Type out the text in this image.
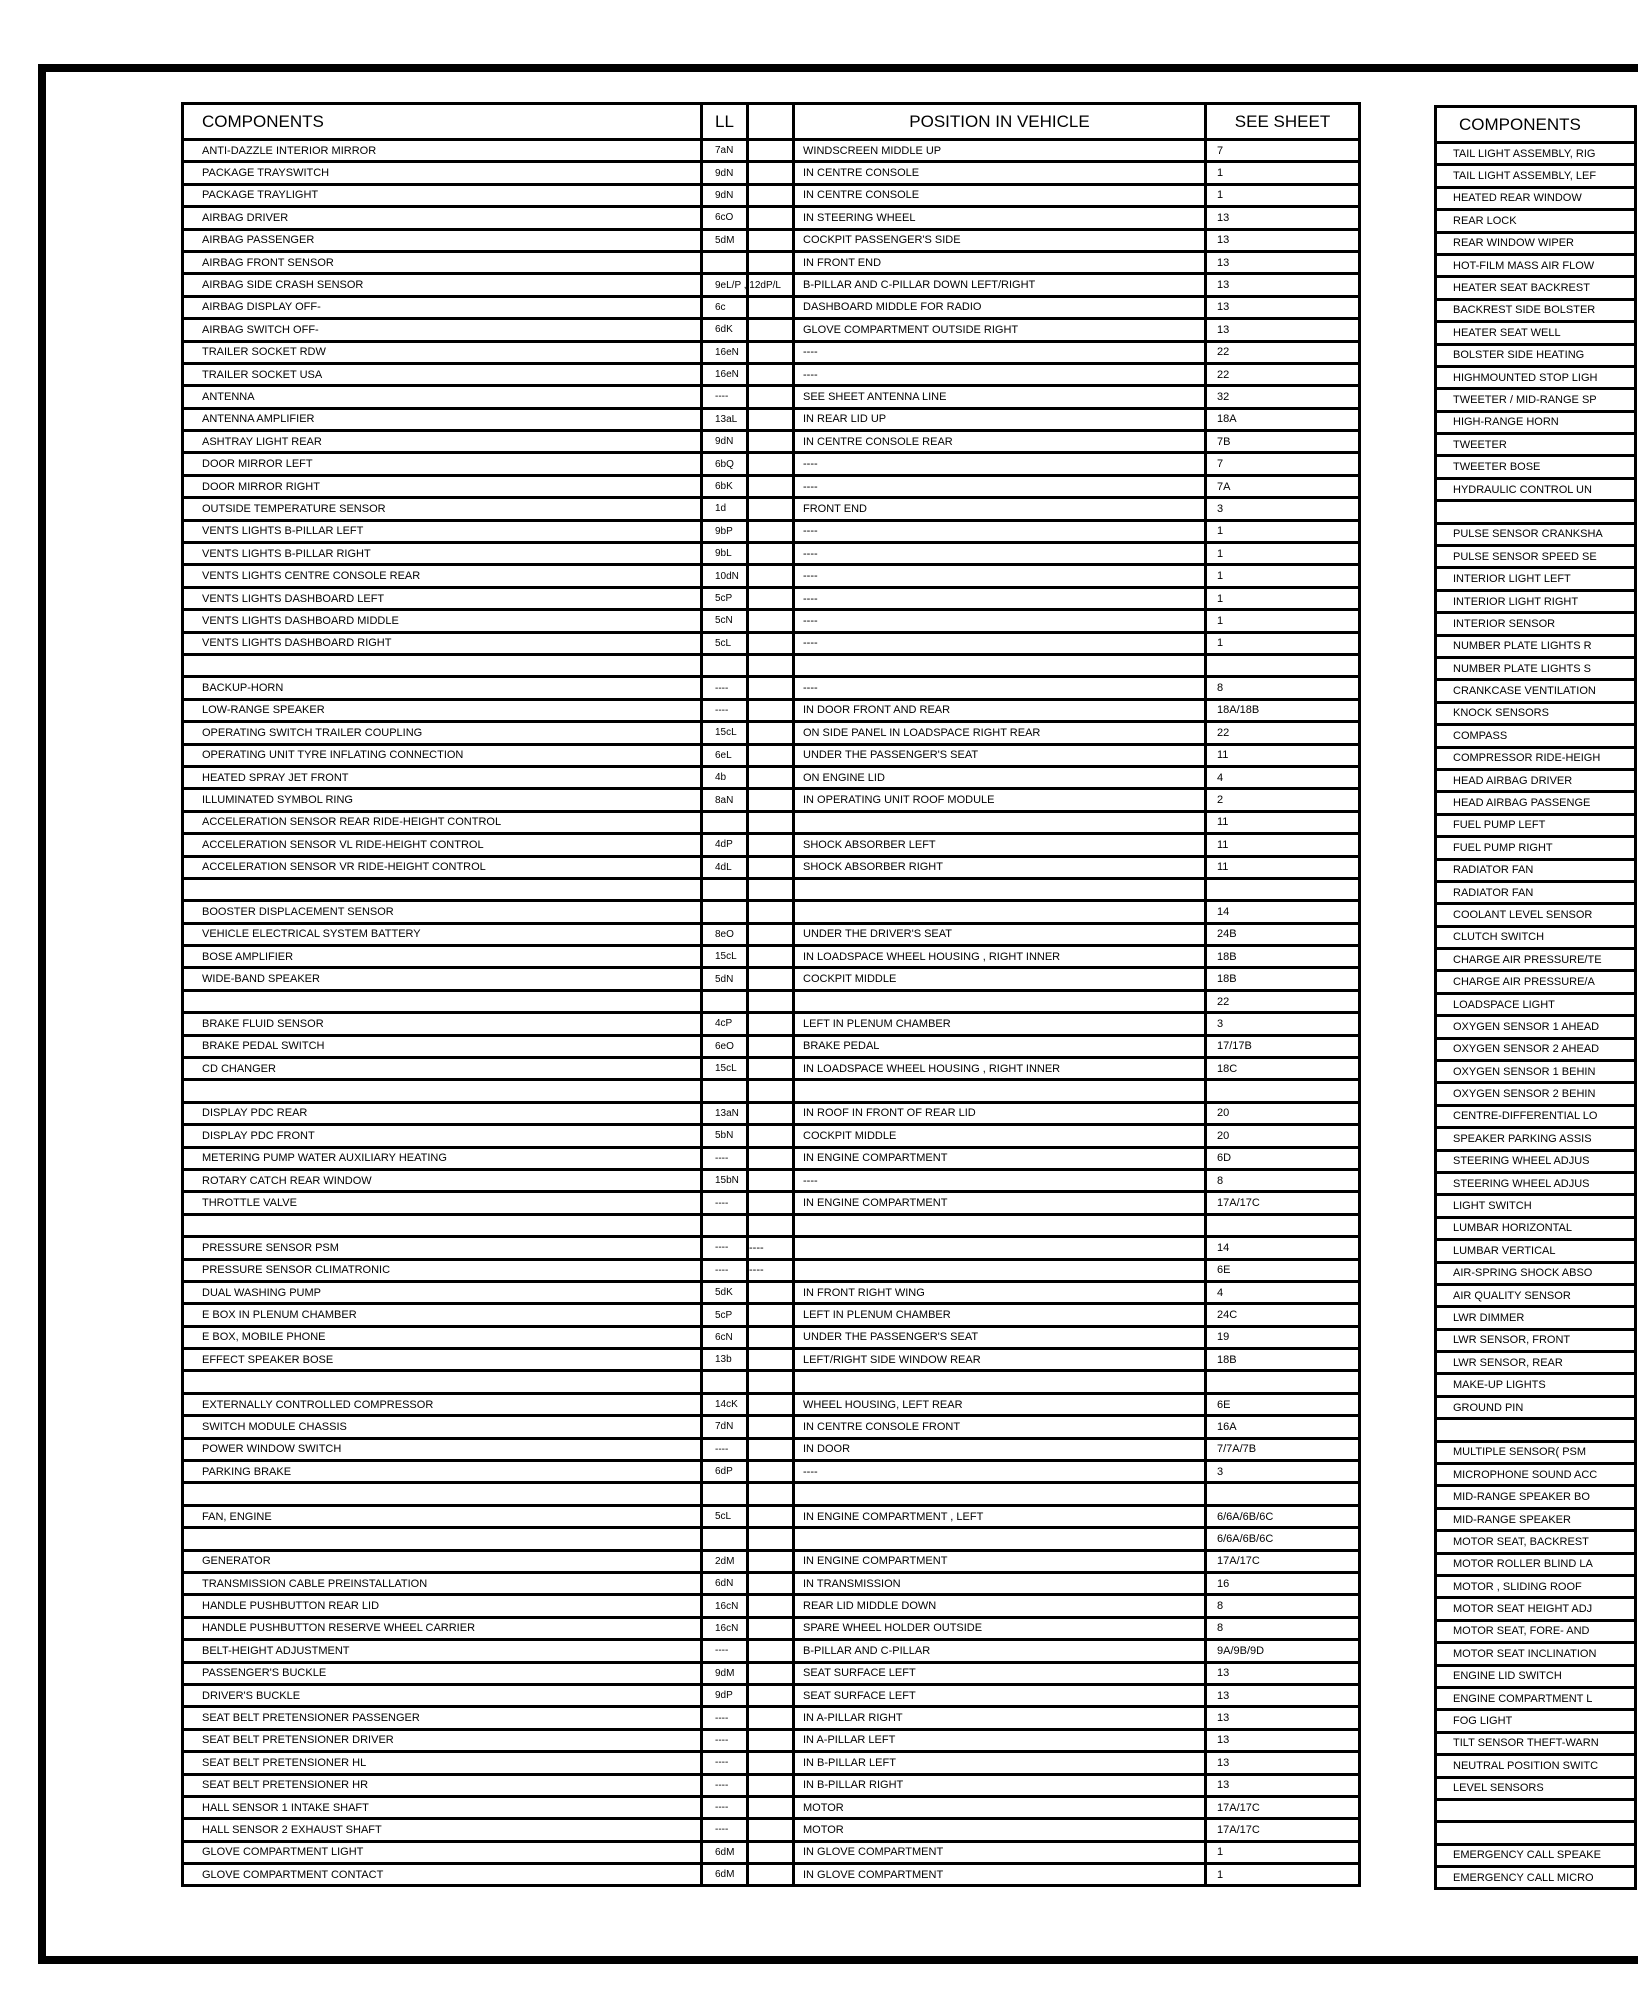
COMPONENTS	LL		POSITION IN VEHICLE	SEE SHEET
ANTI-DAZZLE INTERIOR MIRROR	7aN		WINDSCREEN MIDDLE UP	7
PACKAGE TRAYSWITCH	9dN		IN CENTRE CONSOLE	1
PACKAGE TRAYLIGHT	9dN		IN CENTRE CONSOLE	1
AIRBAG DRIVER	6cO		IN STEERING WHEEL	13
AIRBAG PASSENGER	5dM		COCKPIT PASSENGER'S SIDE	13
AIRBAG FRONT SENSOR			IN FRONT END	13
AIRBAG SIDE CRASH SENSOR	9eL/P , 12dP/L		B-PILLAR AND C-PILLAR DOWN LEFT/RIGHT	13
AIRBAG DISPLAY OFF-	6c		DASHBOARD MIDDLE FOR RADIO	13
AIRBAG SWITCH OFF-	6dK		GLOVE COMPARTMENT OUTSIDE RIGHT	13
TRAILER SOCKET RDW	16eN		----	22
TRAILER SOCKET USA	16eN		----	22
ANTENNA	----		SEE SHEET ANTENNA LINE	32
ANTENNA AMPLIFIER	13aL		IN REAR LID UP	18A
ASHTRAY LIGHT REAR	9dN		IN CENTRE CONSOLE REAR	7B
DOOR MIRROR LEFT	6bQ		----	7
DOOR MIRROR RIGHT	6bK		----	7A
OUTSIDE TEMPERATURE SENSOR	1d		FRONT END	3
VENTS LIGHTS B-PILLAR LEFT	9bP		----	1
VENTS LIGHTS B-PILLAR RIGHT	9bL		----	1
VENTS LIGHTS CENTRE CONSOLE REAR	10dN		----	1
VENTS LIGHTS DASHBOARD LEFT	5cP		----	1
VENTS LIGHTS DASHBOARD MIDDLE	5cN		----	1
VENTS LIGHTS DASHBOARD RIGHT	5cL		----	1

BACKUP-HORN	----		----	8
LOW-RANGE SPEAKER	----		IN DOOR FRONT AND REAR	18A/18B
OPERATING SWITCH TRAILER COUPLING	15cL		ON SIDE PANEL IN LOADSPACE RIGHT REAR	22
OPERATING UNIT TYRE INFLATING CONNECTION	6eL		UNDER THE PASSENGER'S SEAT	11
HEATED SPRAY JET FRONT	4b		ON ENGINE LID	4
ILLUMINATED SYMBOL RING	8aN		IN OPERATING UNIT ROOF MODULE	2
ACCELERATION SENSOR REAR RIDE-HEIGHT CONTROL				11
ACCELERATION SENSOR VL RIDE-HEIGHT CONTROL	4dP		SHOCK ABSORBER LEFT	11
ACCELERATION SENSOR VR RIDE-HEIGHT CONTROL	4dL		SHOCK ABSORBER RIGHT	11

BOOSTER DISPLACEMENT SENSOR				14
VEHICLE ELECTRICAL SYSTEM BATTERY	8eO		UNDER THE DRIVER'S SEAT	24B
BOSE AMPLIFIER	15cL		IN LOADSPACE WHEEL HOUSING , RIGHT INNER	18B
WIDE-BAND SPEAKER	5dN		COCKPIT MIDDLE	18B
				22
BRAKE FLUID SENSOR	4cP		LEFT IN PLENUM CHAMBER	3
BRAKE PEDAL SWITCH	6eO		BRAKE PEDAL	17/17B
CD CHANGER	15cL		IN LOADSPACE WHEEL HOUSING , RIGHT INNER	18C

DISPLAY PDC REAR	13aN		IN ROOF IN FRONT OF REAR LID	20
DISPLAY PDC FRONT	5bN		COCKPIT MIDDLE	20
METERING PUMP WATER AUXILIARY HEATING	----		IN ENGINE COMPARTMENT	6D
ROTARY CATCH REAR WINDOW	15bN		----	8
THROTTLE VALVE	----		IN ENGINE COMPARTMENT	17A/17C

PRESSURE SENSOR PSM	----	----		14
PRESSURE SENSOR CLIMATRONIC	----	----		6E
DUAL WASHING PUMP	5dK		IN FRONT RIGHT WING	4
E BOX IN PLENUM CHAMBER	5cP		LEFT IN PLENUM CHAMBER	24C
E BOX, MOBILE PHONE	6cN		UNDER THE PASSENGER'S SEAT	19
EFFECT SPEAKER BOSE	13b		LEFT/RIGHT SIDE WINDOW REAR	18B

EXTERNALLY CONTROLLED COMPRESSOR	14cK		WHEEL HOUSING, LEFT REAR	6E
SWITCH MODULE CHASSIS	7dN		IN CENTRE CONSOLE FRONT	16A
POWER WINDOW SWITCH	----		IN DOOR	7/7A/7B
PARKING BRAKE	6dP		----	3

FAN, ENGINE	5cL		IN ENGINE COMPARTMENT , LEFT	6/6A/6B/6C
				6/6A/6B/6C
GENERATOR	2dM		IN ENGINE COMPARTMENT	17A/17C
TRANSMISSION CABLE PREINSTALLATION	6dN		IN TRANSMISSION	16
HANDLE PUSHBUTTON REAR LID	16cN		REAR LID MIDDLE DOWN	8
HANDLE PUSHBUTTON RESERVE WHEEL CARRIER	16cN		SPARE WHEEL HOLDER OUTSIDE	8
BELT-HEIGHT ADJUSTMENT	----		B-PILLAR AND C-PILLAR	9A/9B/9D
PASSENGER'S BUCKLE	9dM		SEAT SURFACE LEFT	13
DRIVER'S BUCKLE	9dP		SEAT SURFACE LEFT	13
SEAT BELT PRETENSIONER PASSENGER	----		IN A-PILLAR RIGHT	13
SEAT BELT PRETENSIONER DRIVER	----		IN A-PILLAR LEFT	13
SEAT BELT PRETENSIONER HL	----		IN B-PILLAR LEFT	13
SEAT BELT PRETENSIONER HR	----		IN B-PILLAR RIGHT	13
HALL SENSOR 1 INTAKE SHAFT	----		MOTOR	17A/17C
HALL SENSOR 2 EXHAUST SHAFT	----		MOTOR	17A/17C
GLOVE COMPARTMENT LIGHT	6dM		IN GLOVE COMPARTMENT	1
GLOVE COMPARTMENT CONTACT	6dM		IN GLOVE COMPARTMENT	1
COMPONENTS
TAIL LIGHT ASSEMBLY, RIG
TAIL LIGHT ASSEMBLY, LEF
HEATED REAR WINDOW
REAR LOCK
REAR WINDOW WIPER
HOT-FILM MASS AIR FLOW
HEATER SEAT BACKREST
BACKREST SIDE BOLSTER
HEATER SEAT WELL
BOLSTER SIDE HEATING
HIGHMOUNTED STOP LIGH
TWEETER / MID-RANGE SP
HIGH-RANGE HORN
TWEETER
TWEETER BOSE
HYDRAULIC CONTROL UN

PULSE SENSOR CRANKSHA
PULSE SENSOR SPEED SE
INTERIOR LIGHT LEFT
INTERIOR LIGHT RIGHT
INTERIOR SENSOR
NUMBER PLATE LIGHTS R
NUMBER PLATE LIGHTS S
CRANKCASE VENTILATION
KNOCK SENSORS
COMPASS
COMPRESSOR RIDE-HEIGH
HEAD AIRBAG DRIVER
HEAD AIRBAG PASSENGE
FUEL PUMP LEFT
FUEL PUMP RIGHT
RADIATOR FAN
RADIATOR FAN
COOLANT LEVEL SENSOR
CLUTCH SWITCH
CHARGE AIR PRESSURE/TE
CHARGE AIR PRESSURE/A
LOADSPACE LIGHT
OXYGEN SENSOR 1 AHEAD
OXYGEN SENSOR 2 AHEAD
OXYGEN SENSOR 1 BEHIN
OXYGEN SENSOR 2 BEHIN
CENTRE-DIFFERENTIAL LO
SPEAKER PARKING ASSIS
STEERING WHEEL ADJUS
STEERING WHEEL ADJUS
LIGHT SWITCH
LUMBAR HORIZONTAL
LUMBAR VERTICAL
AIR-SPRING SHOCK ABSO
AIR QUALITY SENSOR
LWR DIMMER
LWR SENSOR, FRONT
LWR SENSOR, REAR
MAKE-UP LIGHTS
GROUND PIN

MULTIPLE SENSOR( PSM
MICROPHONE SOUND ACC
MID-RANGE SPEAKER BO
MID-RANGE SPEAKER
MOTOR SEAT, BACKREST
MOTOR ROLLER BLIND LA
MOTOR , SLIDING ROOF
MOTOR SEAT HEIGHT ADJ
MOTOR SEAT, FORE- AND
MOTOR SEAT INCLINATION
ENGINE LID SWITCH
ENGINE COMPARTMENT L
FOG LIGHT
TILT SENSOR THEFT-WARN
NEUTRAL POSITION SWITC
LEVEL SENSORS

EMERGENCY CALL SPEAKE
EMERGENCY CALL MICRO
